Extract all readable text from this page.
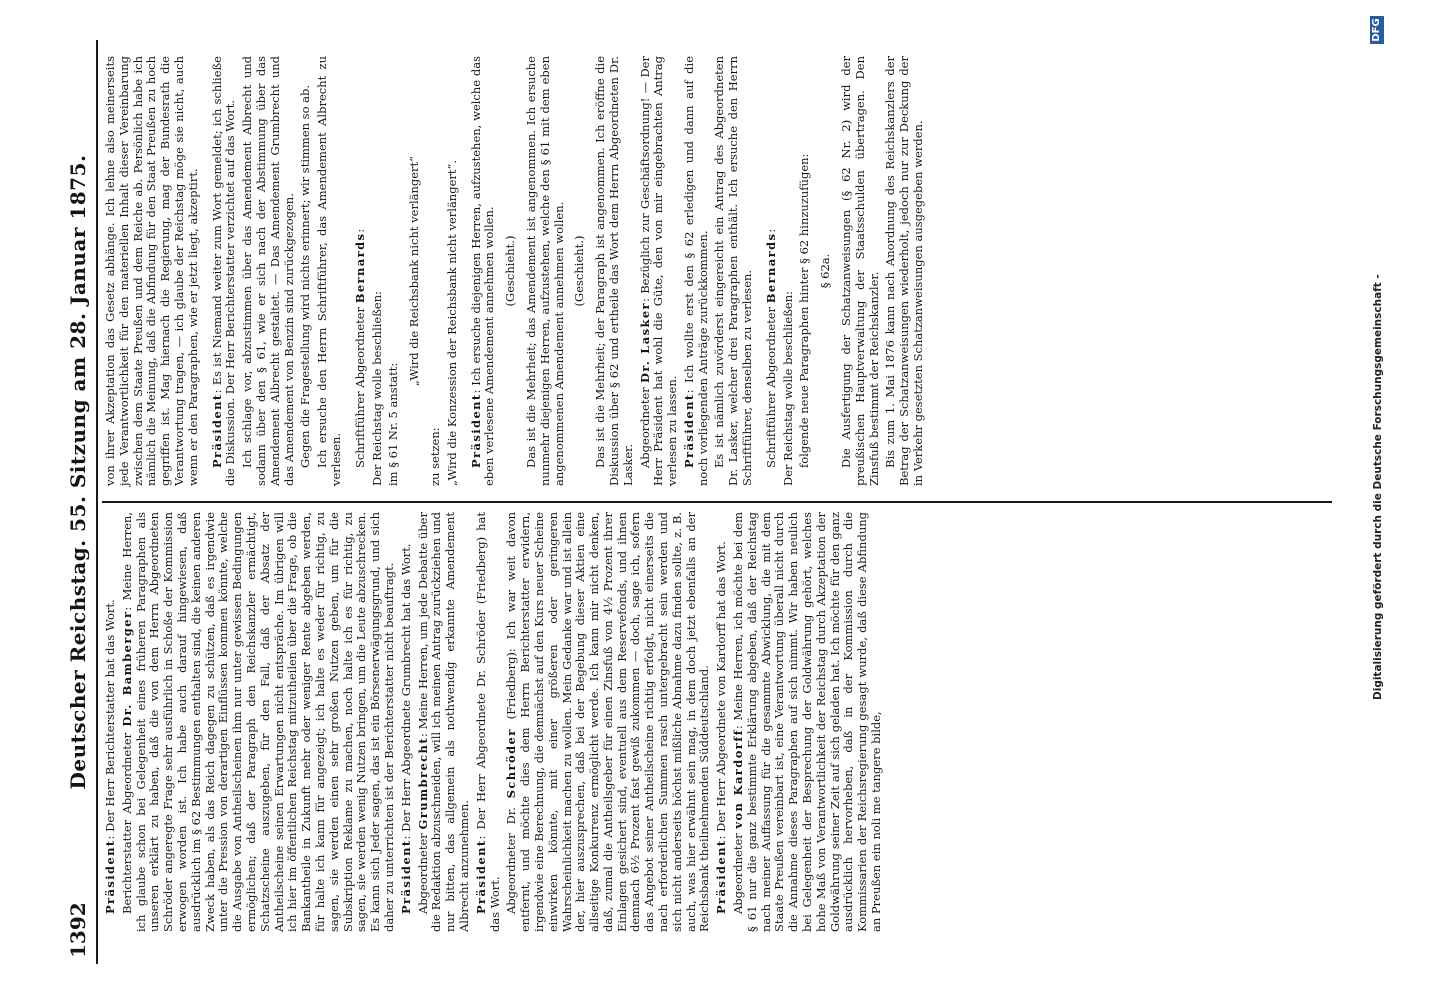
1392
Deutscher Reichstag. 55. Sitzung am 28. Januar 1875.

Präsident: Der Herr Berichterstatter hat das Wort. Berichterstatter Abgeordneter Dr. Bamberger: Meine Herren, ich glaube schon bei Gelegenheit eines früheren Paragraphen als unseren erklärt zu haben, daß die von dem Herrn Abgeordneten Schröder angeregte Frage sehr ausführlich in Schoße der Kommission erwogen worden ist. Ich habe auch darauf hingewiesen, daß ausdrücklich im § 62 Bestimmungen enthalten sind, die keinen anderen Zweck haben, als das Reich dagegen zu schützen, daß es irgendwie unter die Pression von derartigen Einflüssen kommen könnte, welche die Ausgabe von Antheilscheinen ihm nur unter gewissen Bedingungen ermöglichen; daß der Paragraph den Reichskanzler ermächtigt, Schatzscheine auszugeben, für den Fall, daß der Absatz der Antheilscheine seinen Erwartungen nicht entspräche. Im übrigen will ich hier im öffentlichen Reichstag mitzutheilen über die Frage, ob die Bankantheile in Zukunft mehr oder weniger Rente abgeben werden, für halte ich kann für angezeigt; ich halte es weder für richtig, zu sagen, sie werden einen sehr großen Nutzen geben, um für die Subskription Reklame zu machen, noch halte ich es für richtig, zu sagen, sie werden wenig Nutzen bringen, um die Leute abzuschrecken. Es kann sich Jeder sagen, das ist ein Börsenerwägungsgrund, und sich daher zu unterrichten ist der Berichterstatter nicht beauftragt. Präsident: Der Herr Abgeordnete Grumbrecht hat das Wort.

Abgeordneter Grumbrecht: Meine Herren, um jede Debatte über die Redaktion abzuschneiden, will ich meinen Antrag zurückziehen und nur bitten, das allgemein als nothwendig erkannte Amendement Albrecht anzunehmen. Präsident: Der Herr Abgeordnete Dr. Schröder (Friedberg) hat das Wort. Abgeordneter Dr. Schröder (Friedberg): Ich war weit davon entfernt, und möchte dies dem Herrn Berichterstatter erwidern, irgendwie eine Berechnung, die demnächst auf den Kurs neuer Scheine einwirken könnte, mit einer größeren oder geringeren Wahrscheinlichkeit machen zu wollen. Mein Gedanke war und ist allein der, hier auszusprechen, daß bei der Begebung dieser Aktien eine allseitige Konkurrenz ermöglicht werde. Ich kann mir nicht denken, daß, zumal die Antheilsgeber für einen Zinsfuß von 4½ Prozent ihrer Einlagen gesichert sind, eventuell aus dem Reservefonds, und ihnen demnach 6½ Prozent fast gewiß zukommen — doch, sage ich, sofern das Angebot seiner Antheilscheine richtig erfolgt, nicht einerseits die nach erforderlichen Summen rasch untergebracht sein werden und sich nicht anderseits höchst mißliche Abnahme dazu finden sollte, z. B. auch, was hier erwähnt sein mag, in dem doch jetzt ebenfalls an der Reichsbank theilnehmenden Süddeutschland. Präsident: Der Herr Abgeordnete von Kardorff hat das Wort.

Abgeordneter von Kardorff: Meine Herren, ich möchte bei dem § 61 nur die ganz bestimmte Erklärung abgeben, daß der Reichstag nach meiner Auffassung für die gesammte Abwicklung, die mit dem Staate Preußen vereinbart ist, eine Verantwortung überall nicht durch die Annahme dieses Paragraphen auf sich nimmt. Wir haben neulich bei Gelegenheit der Besprechung der Goldwährung gehört, welches hohe Maß von Verantwortlichkeit der Reichstag durch Akzeptation der Goldwährung seiner Zeit auf sich geladen hat. Ich möchte für den ganz ausdrücklich hervorheben, daß in der Kommission durch die Kommissarien der Reichsregierung gesagt wurde, daß diese Abfindung an Preußen ein noli me tangere bilde,

von ihrer Akzeptation das Gesetz abhänge. Ich lehne also meinerseits jede Verantwortlichkeit für den materiellen Inhalt dieser Vereinbarung zwischen dem Staate Preußen und dem Reiche ab. Persönlich habe ich nämlich die Meinung, daß die Abfindung für den Staat Preußen zu hoch gegriffen ist. Mag hiernach die Regierung, mag der Bundesrath die Verantwortung tragen, — ich glaube der Reichstag möge sie nicht, auch wenn er den Paragraphen, wie er jetzt liegt, akzeptirt. Präsident: Es ist Niemand weiter zum Wort gemeldet; ich schließe die Diskussion. Der Herr Berichterstatter verzichtet auf das Wort. Ich schlage vor, abzustimmen über das Amendement Albrecht und sodann über den § 61, wie er sich nach der Abstimmung über das Amendement Albrecht gestaltet. — Das Amendement Grumbrecht und das Amendement von Benzin sind zurückgezogen. Gegen die Fragestellung wird nichts erinnert; wir stimmen so ab. Ich ersuche den Herrn Schriftführer, das Amendement Albrecht zu verlesen. Schriftführer Abgeordneter Bernards:

Der Reichstag wolle beschließen: im § 61 Nr. 5 anstatt:

„Wird die Reichsbank nicht verlängert“

zu setzen: „Wird die Konzession der Reichsbank nicht verlängert“. Präsident: Ich ersuche diejenigen Herren, aufzustehen, welche das eben verlesene Amendement annehmen wollen. (Geschieht.) Das ist die Mehrheit; das Amendement ist angenommen. Ich ersuche nunmehr diejenigen Herren, aufzustehen, welche den § 61 mit dem eben angenommenen Amendement annehmen wollen. (Geschieht.) Das ist die Mehrheit; der Paragraph ist angenommen. Ich eröffne die Diskussion über § 62 und ertheile das Wort dem Herrn Abgeordneten Dr. Lasker. Abgeordneter Dr. Lasker: Bezüglich zur Geschäftsordnung! — Der Herr Präsident hat wohl die Güte, den von mir eingebrachten Antrag verlesen zu lassen. Präsident: Ich wollte erst den § 62 erledigen und dann auf die noch vorliegenden Anträge zurückkommen. Es ist nämlich zuvörderst eingereicht ein Antrag des Abgeordneten Dr. Lasker, welcher drei Paragraphen enthält. Ich ersuche den Herrn Schriftführer, denselben zu verlesen. Schriftführer Abgeordneter Bernards:

Der Reichstag wolle beschließen: folgende neue Paragraphen hinter § 62 hinzuzufügen: § 62a. Die Ausfertigung der Schatzanweisungen (§ 62 Nr. 2) wird der preußischen Hauptverwaltung der Staatsschulden übertragen. Den Zinsfuß bestimmt der Reichskanzler. Bis zum 1. Mai 1876 kann nach Anordnung des Reichskanzlers der Betrag der Schatzanweisungen wiederholt, jedoch nur zur Deckung der in Verkehr gesetzten Schatzanweisungen ausgegeben werden.	Digitalisierung gefördert durch die Deutsche Forschungsgemeinschaft -
DFG
